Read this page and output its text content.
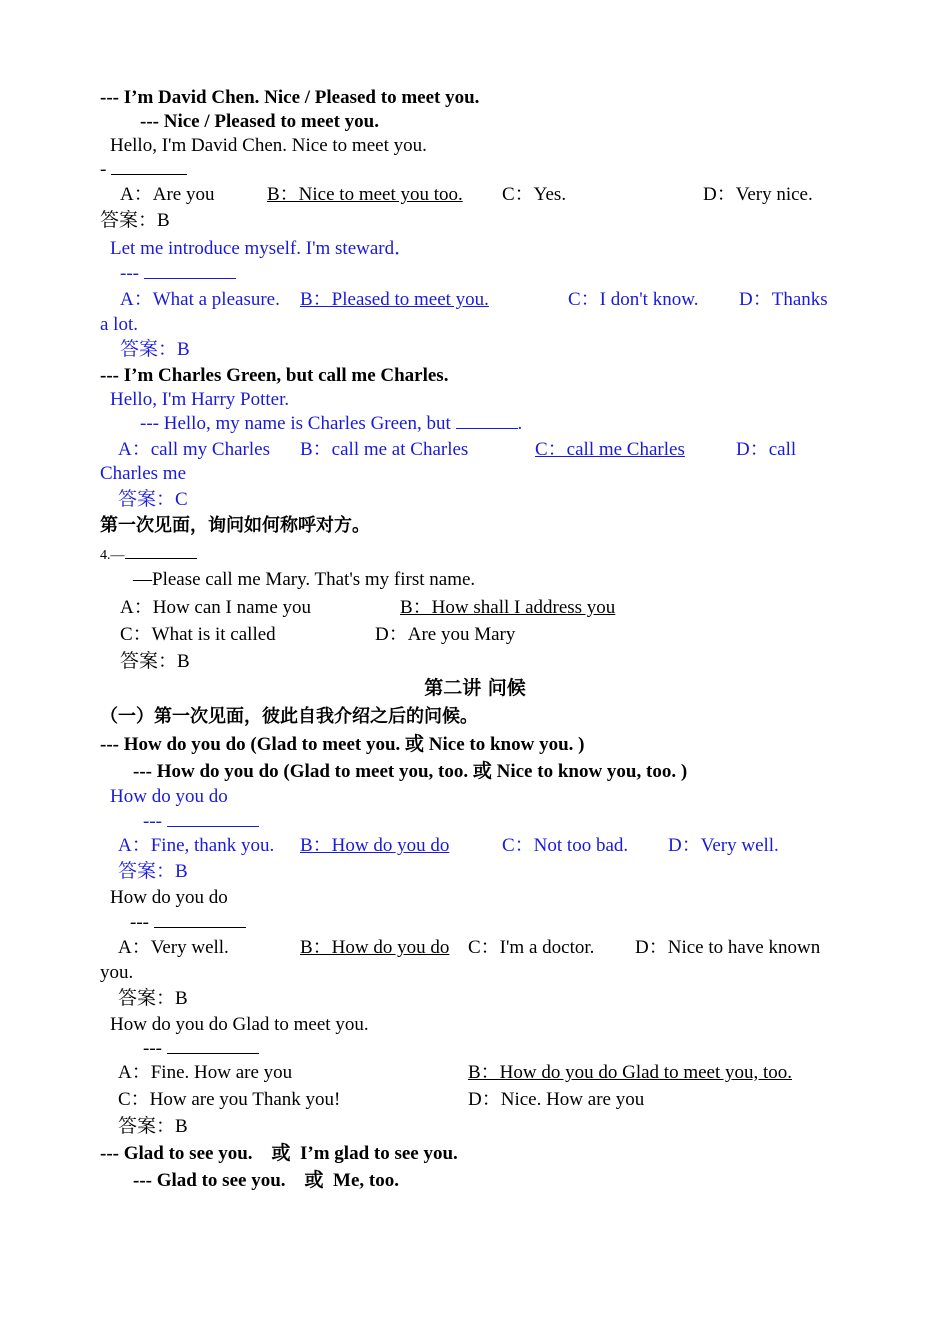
--- I’m David Chen. Nice / Pleased to meet you.
--- Nice / Pleased to meet you.
Hello, I'm David Chen. Nice to meet you.
-
A：Are you	B：Nice to meet you too. C：Yes.	D：Very nice.
答案：B
Let me introduce myself. I'm steward．
---
A：What a pleasure. B：Pleased to meet you.	C：I don't know. D：Thanks
a lot.
答案：B
--- I’m Charles Green, but call me Charles.
Hello, I'm Harry Potter.
--- Hello, my name is Charles Green, but	.
A：call my Charles B：call me at Charles	C：call me Charles	D：call
Charles me
答案：C
第一次见面，询问如何称呼对方。
4.—
—Please call me Mary. That's my first name.
A：How can I name you	B：How shall I address you
C：What is it called	D：Are you Mary
答案：B
第二讲 问候
（一）第一次见面，彼此自我介绍之后的问候。
--- How do you do (Glad to meet you. 或 Nice to know you. )
--- How do you do (Glad to meet you, too. 或 Nice to know you, too. )
How do you do
---
A：Fine, thank you. B：How do you do	C：Not too bad. D：Very well.
答案：B
How do you do
---
A：Very well.	B：How do you do C：I'm a doctor. D：Nice to have known
you.
答案：B
How do you do Glad to meet you.
---
A：Fine. How are you	B：How do you do Glad to meet you, too.
C：How are you Thank you!	D：Nice. How are you
答案：B
--- Glad to see you.    或  I’m glad to see you.
--- Glad to see you.    或  Me, too.
